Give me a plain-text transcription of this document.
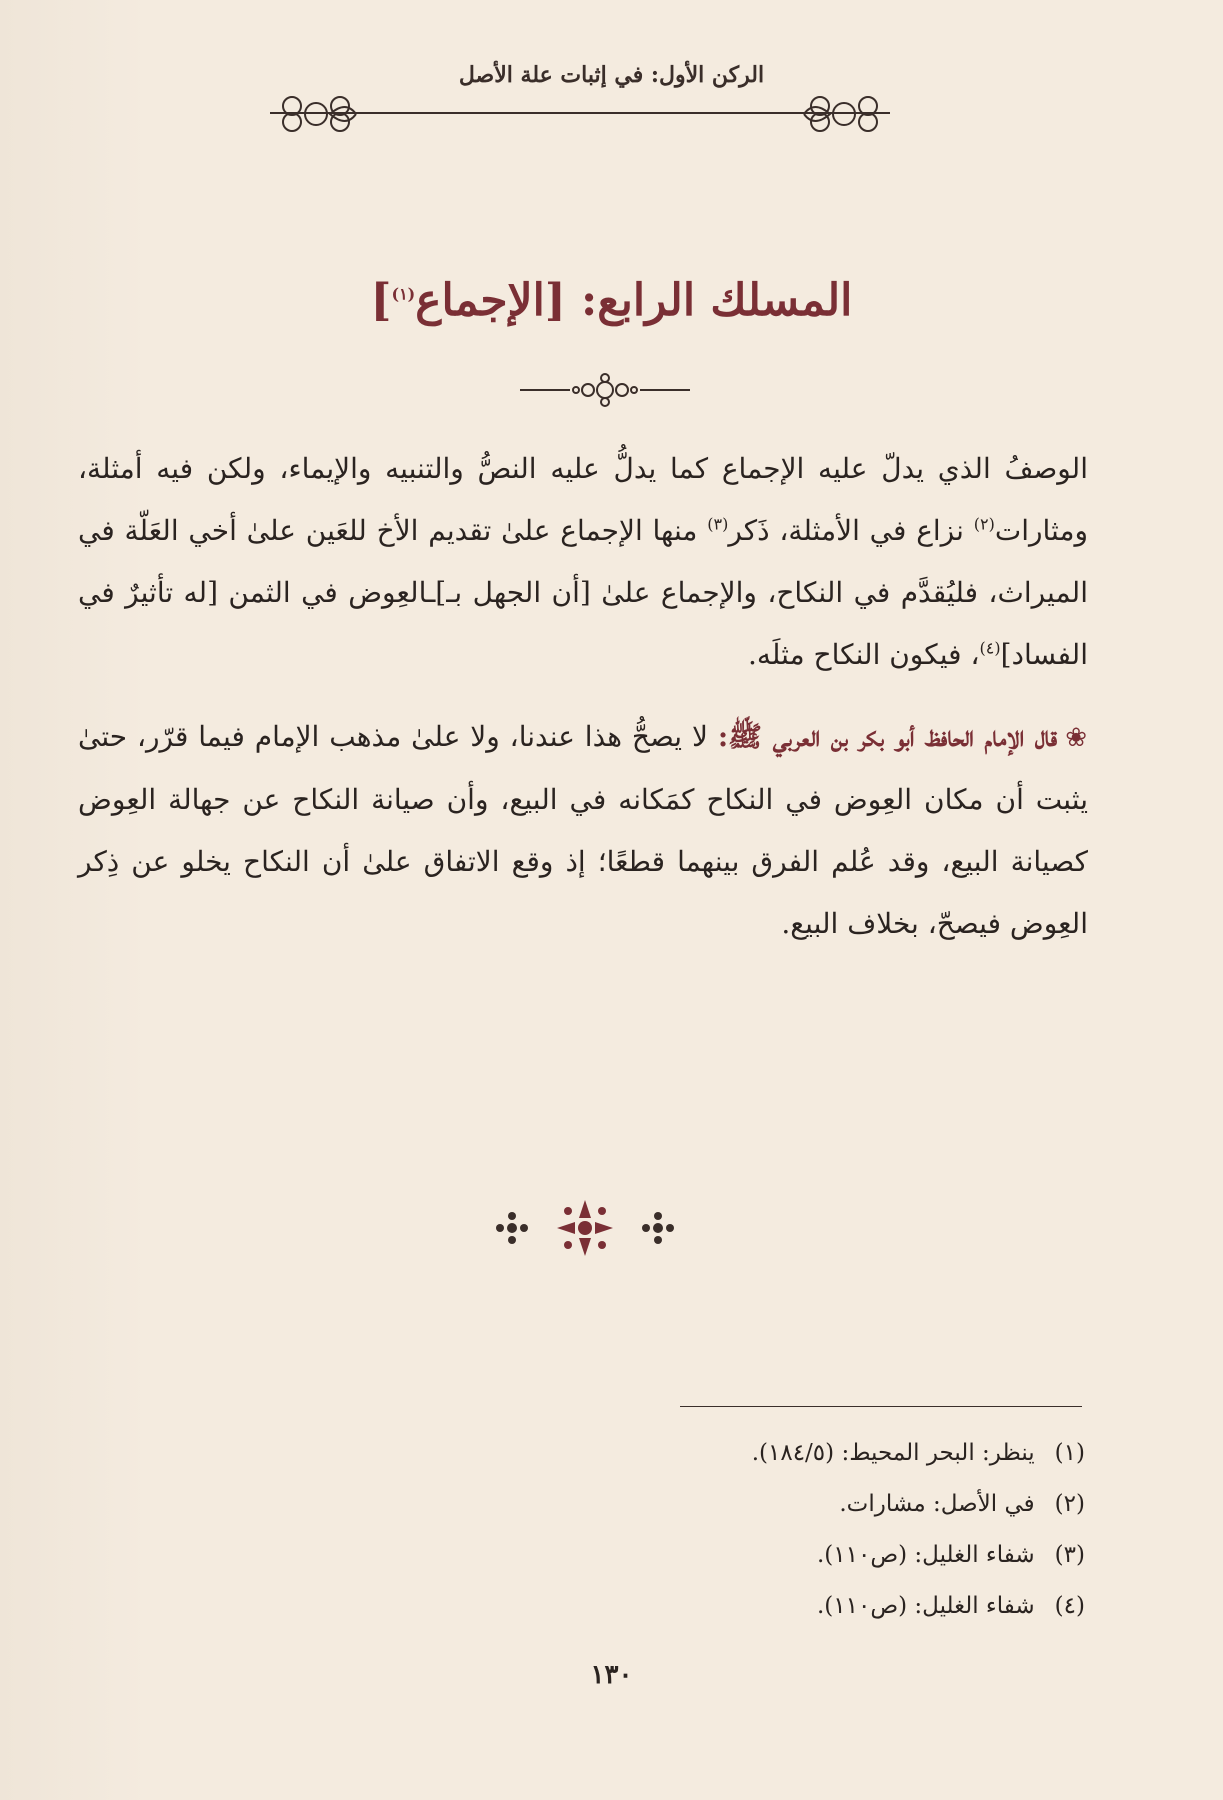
الركن الأول: في إثبات علة الأصل
المسلك الرابع: [الإجماع$^{(١)}$]

الوصفُ الذي يدلّ عليه الإجماع كما يدلُّ عليه النصُّ والتنبيه والإيماء، ولكن فيه أمثلة، ومثارات$^{(٢)}$ نزاع في الأمثلة، ذَكر$^{(٣)}$ منها الإجماع علىٰ تقديم الأخ للعَين علىٰ أخي العَلّة في الميراث، فليُقدَّم في النكاح، والإجماع علىٰ [أن الجهل بـ]ـالعِوض في الثمن [له تأثيرٌ في الفساد]$^{(٤)}$، فيكون النكاح مثلَه.

❀قال الإمام الحافظ أبو بكر بن العربي ﷺ: لا يصحُّ هذا عندنا، ولا علىٰ مذهب الإمام فيما قرّر، حتىٰ يثبت أن مكان العِوض في النكاح كمَكانه في البيع، وأن صيانة النكاح عن جهالة العِوض كصيانة البيع، وقد عُلم الفرق بينهما قطعًا؛ إذ وقع الاتفاق علىٰ أن النكاح يخلو عن ذِكر العِوض فيصحّ، بخلاف البيع.

(١)ينظر: البحر المحيط: (١٨٤/٥).
(٢)في الأصل: مشارات.
(٣)شفاء الغليل: (ص١١٠).
(٤)شفاء الغليل: (ص١١٠).
١٣٠
